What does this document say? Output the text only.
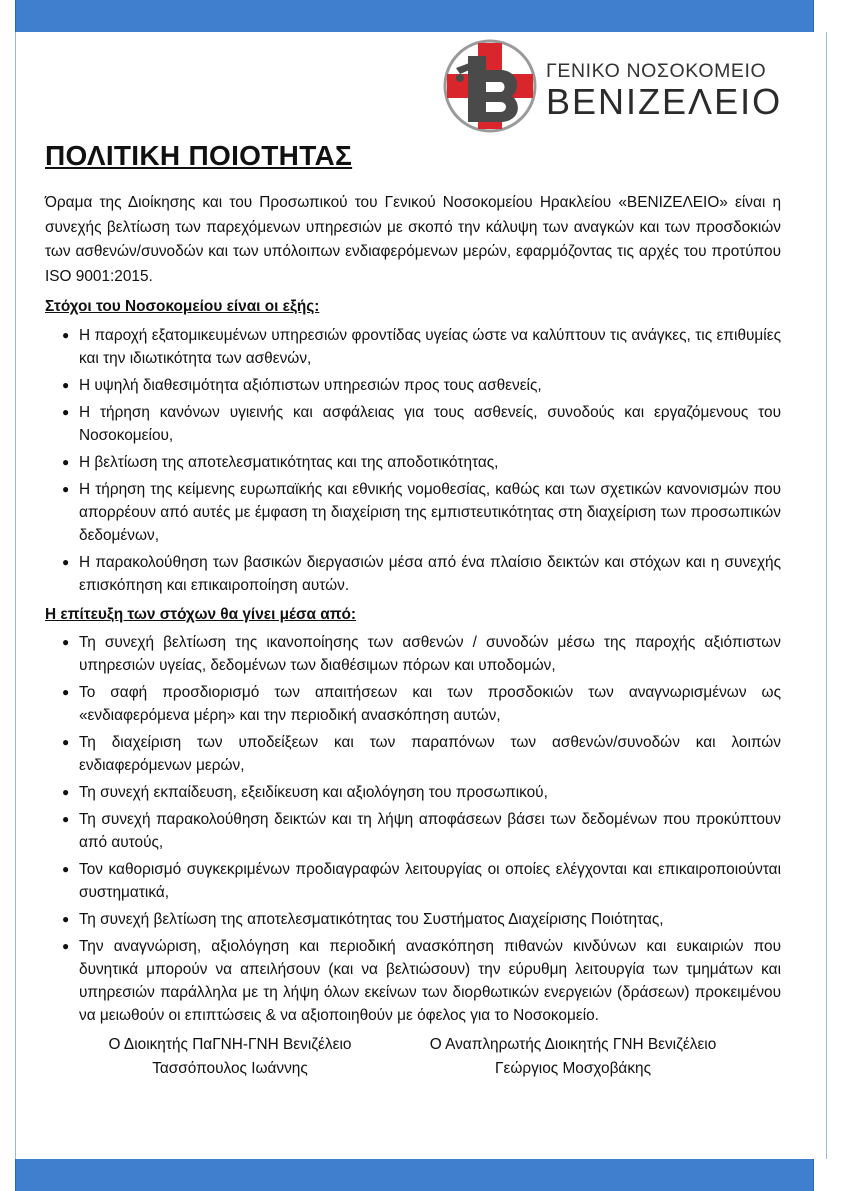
ΓΕΝΙΚΟ ΝΟΣΟΚΟΜΕΙΟ
ΒΕΝΙΖΕΛΕΙΟ
ΠΟΛΙΤΙΚΗ ΠΟΙΟΤΗΤΑΣ

Όραμα της Διοίκησης και του Προσωπικού του Γενικού Νοσοκομείου Ηρακλείου «ΒΕΝΙΖΕΛΕΙΟ» είναι η συνεχής βελτίωση των παρεχόμενων υπηρεσιών με σκοπό την κάλυψη των αναγκών και των προσδοκιών των ασθενών/συνοδών και των υπόλοιπων ενδιαφερόμενων μερών, εφαρμόζοντας τις αρχές του προτύπου ISO 9001:2015.

Στόχοι του Νοσοκομείου είναι οι εξής:
● Η παροχή εξατομικευμένων υπηρεσιών φροντίδας υγείας ώστε να καλύπτουν τις ανάγκες, τις επιθυμίες και την ιδιωτικότητα των ασθενών,
● Η υψηλή διαθεσιμότητα αξιόπιστων υπηρεσιών προς τους ασθενείς,
● Η τήρηση κανόνων υγιεινής και ασφάλειας για τους ασθενείς, συνοδούς και εργαζόμενους του Νοσοκομείου,
● Η βελτίωση της αποτελεσματικότητας και της αποδοτικότητας,
● Η τήρηση της κείμενης ευρωπαϊκής και εθνικής νομοθεσίας, καθώς και των σχετικών κανονισμών που απορρέουν από αυτές με έμφαση τη διαχείριση της εμπιστευτικότητας στη διαχείριση των προσωπικών δεδομένων,
● Η παρακολούθηση των βασικών διεργασιών μέσα από ένα πλαίσιο δεικτών και στόχων και η συνεχής επισκόπηση και επικαιροποίηση αυτών.
Η επίτευξη των στόχων θα γίνει μέσα από:
● Τη συνεχή βελτίωση της ικανοποίησης των ασθενών / συνοδών μέσω της παροχής αξιόπιστων υπηρεσιών υγείας, δεδομένων των διαθέσιμων πόρων και υποδομών,
● Το σαφή προσδιορισμό των απαιτήσεων και των προσδοκιών των αναγνωρισμένων ως «ενδιαφερόμενα μέρη» και την περιοδική ανασκόπηση αυτών,
● Τη διαχείριση των υποδείξεων και των παραπόνων των ασθενών/συνοδών και λοιπών ενδιαφερόμενων μερών,
● Τη συνεχή εκπαίδευση, εξειδίκευση και αξιολόγηση του προσωπικού,
● Τη συνεχή παρακολούθηση δεικτών και τη λήψη αποφάσεων βάσει των δεδομένων που προκύπτουν από αυτούς,
● Τον καθορισμό συγκεκριμένων προδιαγραφών λειτουργίας οι οποίες ελέγχονται και επικαιροποιούνται συστηματικά,
● Τη συνεχή βελτίωση της αποτελεσματικότητας του Συστήματος Διαχείρισης Ποιότητας,
● Την αναγνώριση, αξιολόγηση και περιοδική ανασκόπηση πιθανών κινδύνων και ευκαιριών που δυνητικά μπορούν να απειλήσουν (και να βελτιώσουν) την εύρυθμη λειτουργία των τμημάτων και υπηρεσιών παράλληλα με τη λήψη όλων εκείνων των διορθωτικών ενεργειών (δράσεων) προκειμένου να μειωθούν οι επιπτώσεις & να αξιοποιηθούν με όφελος για το Νοσοκομείο.
Ο Διοικητής ΠαΓΝΗ-ΓΝΗ Βενιζέλειο
Τασσόπουλος Ιωάννης
Ο Αναπληρωτής Διοικητής ΓΝΗ Βενιζέλειο
Γεώργιος Μοσχοβάκης
